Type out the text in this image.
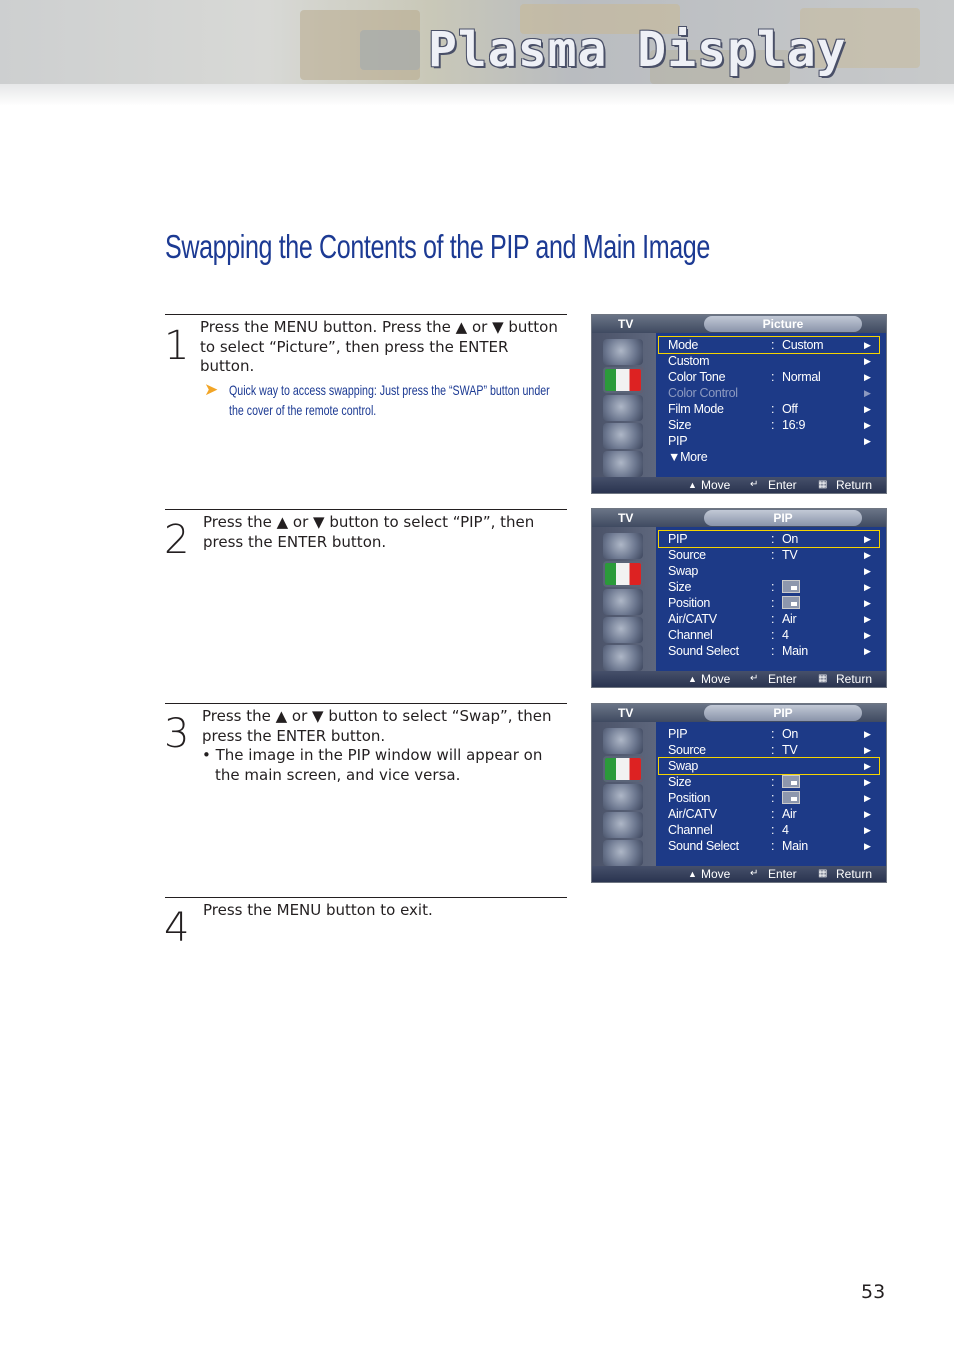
Plasma Display
Swapping the Contents of the PIP and Main Image
1 Press the MENU button. Press the ▲ or ▼ button to select “Picture”, then press the ENTER button.

➤ Quick way to access swapping: Just press the “SWAP” button under the cover of the remote control.
2 Press the ▲ or ▼ button to select “PIP”, then press the ENTER button.

3 Press the ▲ or ▼ button to select “Swap”, then press the ENTER button.

• The image in the PIP window will appear on the main screen, and vice versa.

4 Press the MENU button to exit.

TV	Picture
Mode	: Custom	▶
Custom	▶
Color Tone	: Normal	▶
Color Control	▶
Film Mode	: Off	▶
Size	: 16:9	▶
PIP	▶
▼More
▲ Move ↵ Enter ▦ Return
TV	PIP
PIP	: On	▶
Source	: TV	▶
Swap	▶
Size	:	▶
Position	:	▶
Air/CATV	: Air	▶
Channel	: 4	▶
Sound Select	: Main	▶
▲ Move ↵ Enter ▦ Return
TV	PIP
PIP	: On	▶
Source	: TV	▶
Swap	▶
Size	:	▶
Position	:	▶
Air/CATV	: Air	▶
Channel	: 4	▶
Sound Select	: Main	▶
▲ Move ↵ Enter ▦ Return
53
